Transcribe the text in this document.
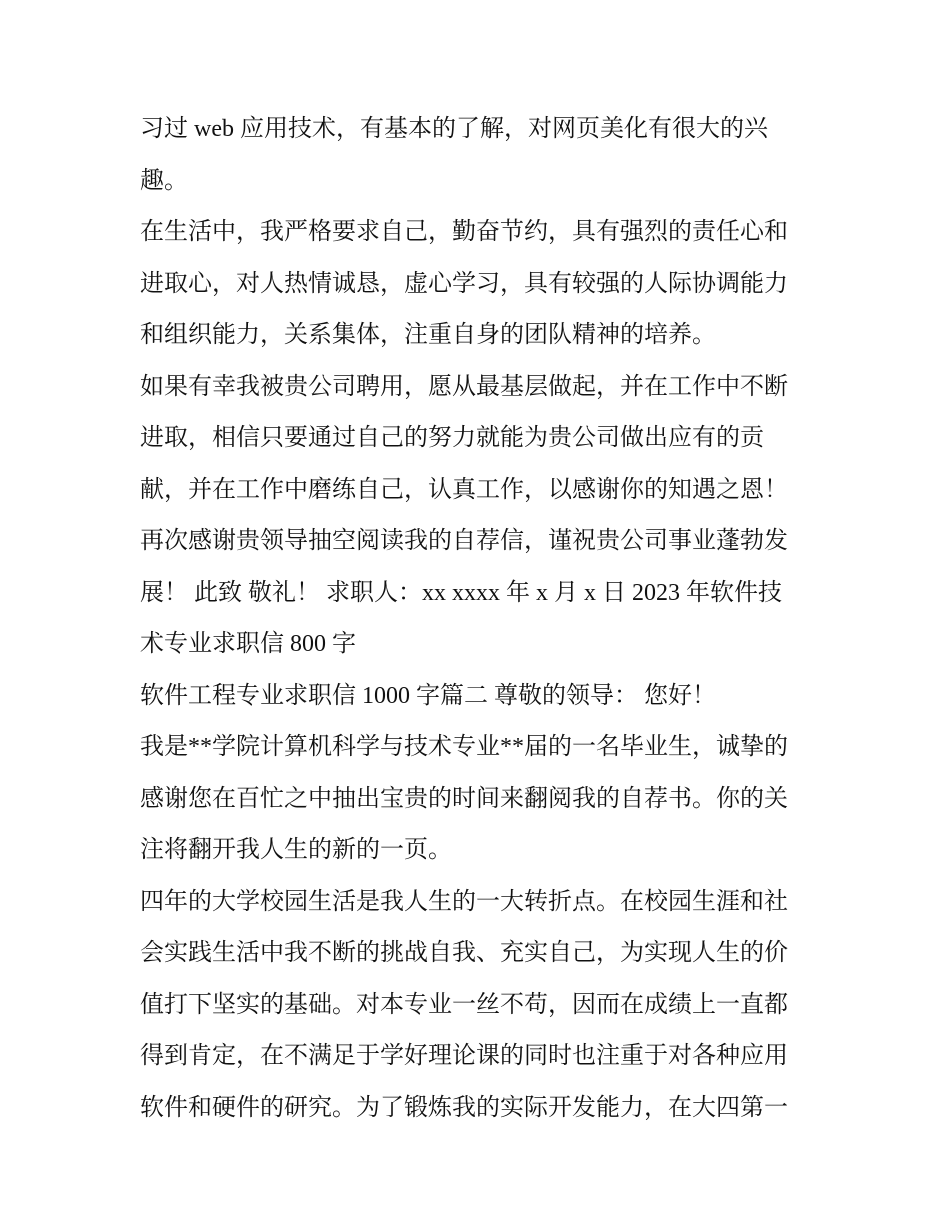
习过 web 应用技术，有基本的了解，对网页美化有很大的兴
趣。
在生活中，我严格要求自己，勤奋节约，具有强烈的责任心和
进取心，对人热情诚恳，虚心学习，具有较强的人际协调能力
和组织能力，关系集体，注重自身的团队精神的培养。
如果有幸我被贵公司聘用，愿从最基层做起，并在工作中不断
进取，相信只要通过自己的努力就能为贵公司做出应有的贡
献，并在工作中磨练自己，认真工作，以感谢你的知遇之恩！
再次感谢贵领导抽空阅读我的自荐信，谨祝贵公司事业蓬勃发
展！ 此致 敬礼！ 求职人：xx xxxx 年 x 月 x 日 2023 年软件技
术专业求职信 800 字
软件工程专业求职信 1000 字篇二 尊敬的领导： 您好！
我是**学院计算机科学与技术专业**届的一名毕业生，诚挚的
感谢您在百忙之中抽出宝贵的时间来翻阅我的自荐书。你的关
注将翻开我人生的新的一页。
四年的大学校园生活是我人生的一大转折点。在校园生涯和社
会实践生活中我不断的挑战自我、充实自己，为实现人生的价
值打下坚实的基础。对本专业一丝不苟，因而在成绩上一直都
得到肯定，在不满足于学好理论课的同时也注重于对各种应用
软件和硬件的研究。为了锻炼我的实际开发能力，在大四第一
